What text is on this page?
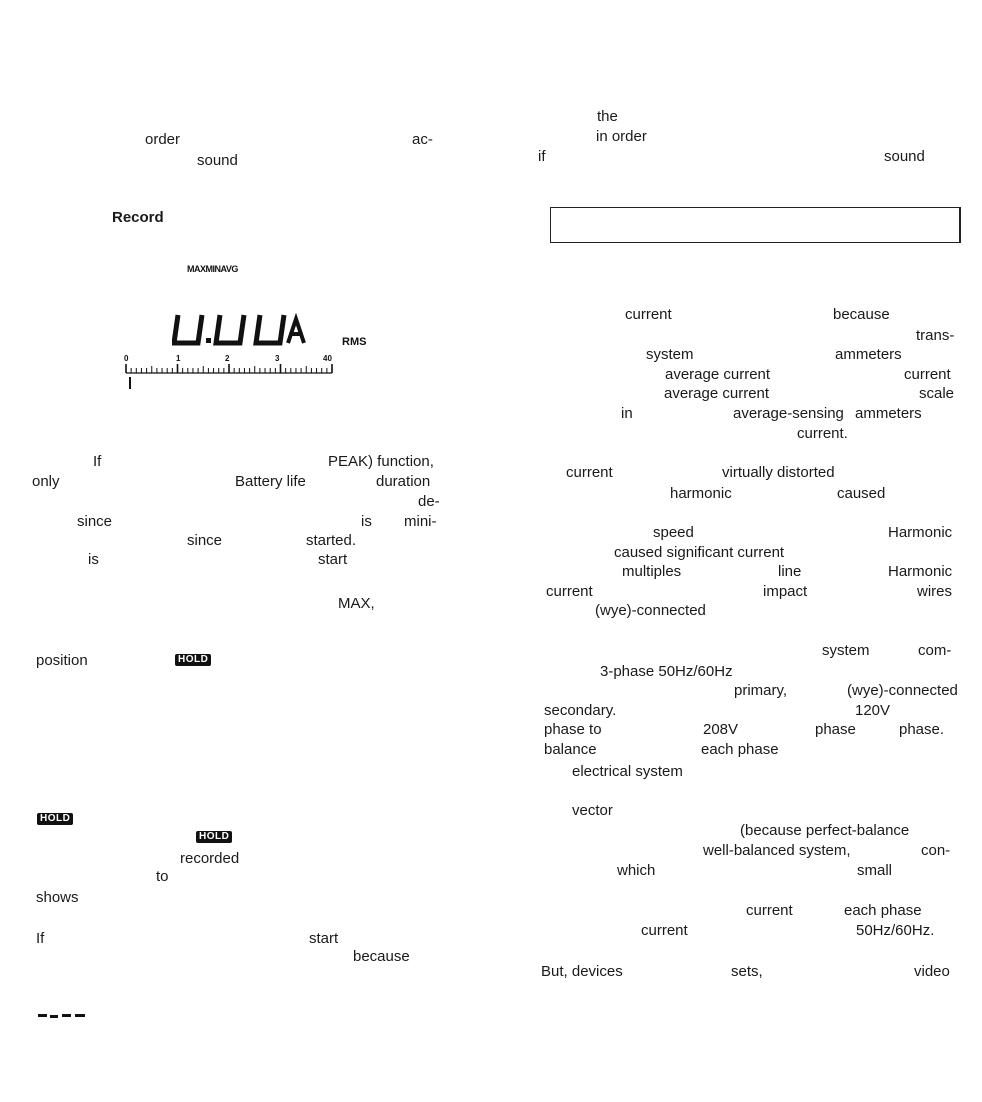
order	ac-
sound
Record
MAXMINAVG
RMS
0	1	2	3	40
If	PEAK) function,
only	Battery life	duration
de-
since	is mini-
since	started.
is	start
MAX,
position	HOLD
HOLD
HOLD
recorded
to
shows
If	start
because
the
in order
if	sound
current	because
trans-
system	ammeters
average current	current
average current	scale
in	average-sensing ammeters
current.
current	virtually distorted
harmonic	caused
speed	Harmonic
caused significant current
multiples	line	Harmonic
current	impact	wires
(wye)-connected
system	com-
3-phase 50Hz/60Hz
primary,	(wye)-connected
secondary.	120V
phase to	208V	phase	phase.
balance	each phase
electrical system
vector
(because perfect-balance
well-balanced system,	con-
which	small
current	each phase
current	50Hz/60Hz.
But, devices	sets,	video
